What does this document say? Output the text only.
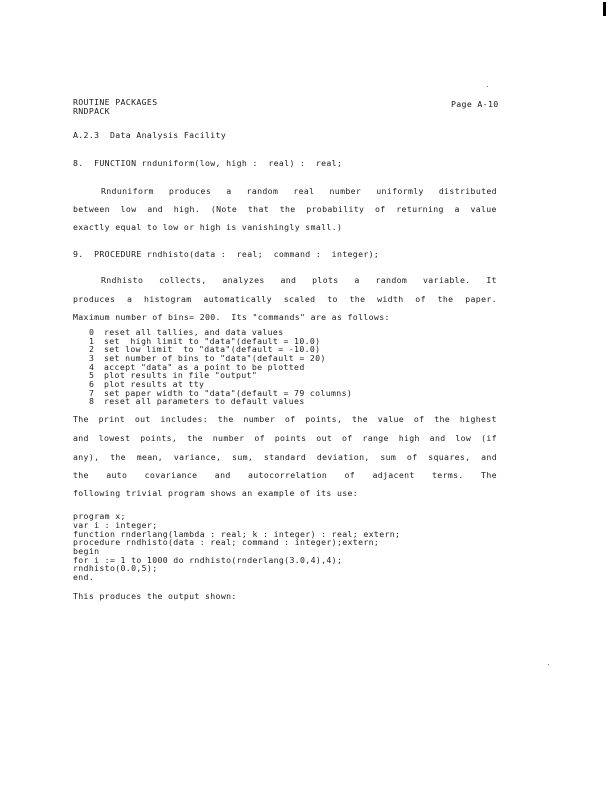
ROUTINE PACKAGES
RNDPACK
Page A-10
A.2.3  Data Analysis Facility
8.  FUNCTION rnduniform(low, high :  real) :  real;
Rnduniform produces a random real number uniformly distributed
between low and high. (Note that the probability of returning a value
exactly equal to low or high is vanishingly small.)
9.  PROCEDURE rndhisto(data :  real;  command :  integer);
Rndhisto collects, analyzes and plots a random variable. It
produces a histogram automatically scaled to the width of the paper.
Maximum number of bins= 200.  Its "commands" are as follows:
0 reset all tallies, and data values
1 set  high limit to "data"(default = 10.0)
2 set low limit  to "data"(default = -10.0)
3 set number of bins to "data"(default = 20)
4 accept "data" as a point to be plotted
5 plot results in file "output"
6 plot results at tty
7 set paper width to "data"(default = 79 columns)
8 reset all parameters to default values
The print out includes: the number of points, the value of the highest
and lowest points, the number of points out of range high and low (if
any), the mean, variance, sum, standard deviation, sum of squares, and
the auto covariance and autocorrelation of adjacent terms. The
following trivial program shows an example of its use:
program x;
var i : integer;
function rnderlang(lambda : real; k : integer) : real; extern;
procedure rndhisto(data : real; command : integer);extern;
begin
for i := 1 to 1000 do rndhisto(rnderlang(3.0,4),4);
rndhisto(0.0,5);
end.
This produces the output shown:
